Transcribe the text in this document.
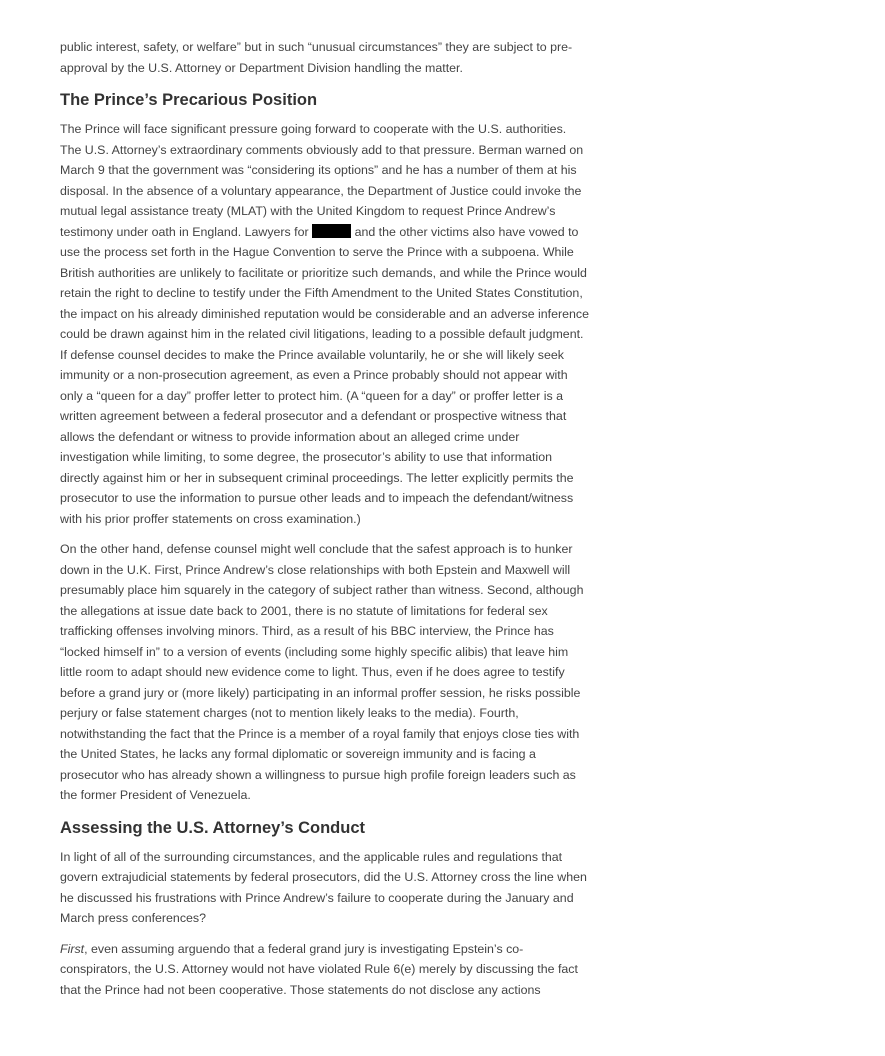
public interest, safety, or welfare” but in such “unusual circumstances” they are subject to pre-approval by the U.S. Attorney or Department Division handling the matter.

The Prince’s Precarious Position

The Prince will face significant pressure going forward to cooperate with the U.S. authorities. The U.S. Attorney’s extraordinary comments obviously add to that pressure. Berman warned on March 9 that the government was “considering its options” and he has a number of them at his disposal. In the absence of a voluntary appearance, the Department of Justice could invoke the mutual legal assistance treaty (MLAT) with the United Kingdom to request Prince Andrew’s testimony under oath in England. Lawyers for	and the other victims also have vowed to use the process set forth in the Hague Convention to serve the Prince with a subpoena. While British authorities are unlikely to facilitate or prioritize such demands, and while the Prince would retain the right to decline to testify under the Fifth Amendment to the United States Constitution, the impact on his already diminished reputation would be considerable and an adverse inference could be drawn against him in the related civil litigations, leading to a possible default judgment. If defense counsel decides to make the Prince available voluntarily, he or she will likely seek immunity or a non-prosecution agreement, as even a Prince probably should not appear with only a “queen for a day” proffer letter to protect him. (A “queen for a day” or proffer letter is a written agreement between a federal prosecutor and a defendant or prospective witness that allows the defendant or witness to provide information about an alleged crime under investigation while limiting, to some degree, the prosecutor’s ability to use that information directly against him or her in subsequent criminal proceedings. The letter explicitly permits the prosecutor to use the information to pursue other leads and to impeach the defendant/witness with his prior proffer statements on cross examination.)

On the other hand, defense counsel might well conclude that the safest approach is to hunker down in the U.K. First, Prince Andrew’s close relationships with both Epstein and Maxwell will presumably place him squarely in the category of subject rather than witness. Second, although the allegations at issue date back to 2001, there is no statute of limitations for federal sex trafficking offenses involving minors. Third, as a result of his BBC interview, the Prince has “locked himself in” to a version of events (including some highly specific alibis) that leave him little room to adapt should new evidence come to light. Thus, even if he does agree to testify before a grand jury or (more likely) participating in an informal proffer session, he risks possible perjury or false statement charges (not to mention likely leaks to the media). Fourth, notwithstanding the fact that the Prince is a member of a royal family that enjoys close ties with the United States, he lacks any formal diplomatic or sovereign immunity and is facing a prosecutor who has already shown a willingness to pursue high profile foreign leaders such as the former President of Venezuela.

Assessing the U.S. Attorney’s Conduct

In light of all of the surrounding circumstances, and the applicable rules and regulations that govern extrajudicial statements by federal prosecutors, did the U.S. Attorney cross the line when he discussed his frustrations with Prince Andrew’s failure to cooperate during the January and March press conferences?

First, even assuming arguendo that a federal grand jury is investigating Epstein’s co-conspirators, the U.S. Attorney would not have violated Rule 6(e) merely by discussing the fact that the Prince had not been cooperative. Those statements do not disclose any actions
